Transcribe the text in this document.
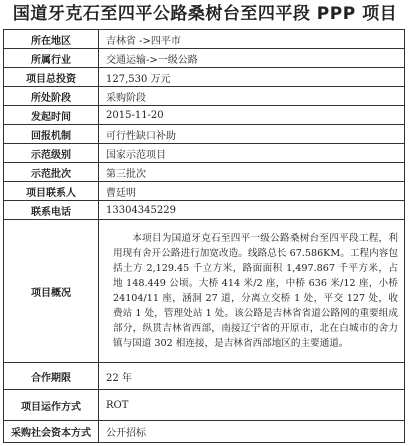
国道牙克石至四平公路桑树台至四平段 PPP 项目
所在地区	吉林省 ->四平市
所属行业	交通运输->一级公路
项目总投资	127,530 万元
所处阶段	采购阶段
发起时间	2015-11-20
回报机制	可行性缺口补助
示范级别	国家示范项目
示范批次	第三批次
项目联系人	曹廷明
联系电话	13304345229
项目概况	本项目为国道牙克石至四平一级公路桑树台至四平段工程，利用现有舍开公路进行加宽改造。线路总长 67.586KM。工程内容包括土方 2,129.45 千立方米，路面面积 1,497.867 千平方米，占地 148.449 公顷。大桥 414 米/2 座，中桥 636 米/12 座，小桥 24104/11 座，涵洞 27 道，分离立交桥 1 处，平交 127 处，收费站 1 处，管理处站 1 处。该公路是吉林省省道公路网的重要组成部分，纵贯吉林省西部，南接辽宁省的开原市，北在白城市的舍力镇与国道 302 相连接，是吉林省西部地区的主要通道。

合作期限	22 年
项目运作方式	ROT
采购社会资本方式	公开招标
